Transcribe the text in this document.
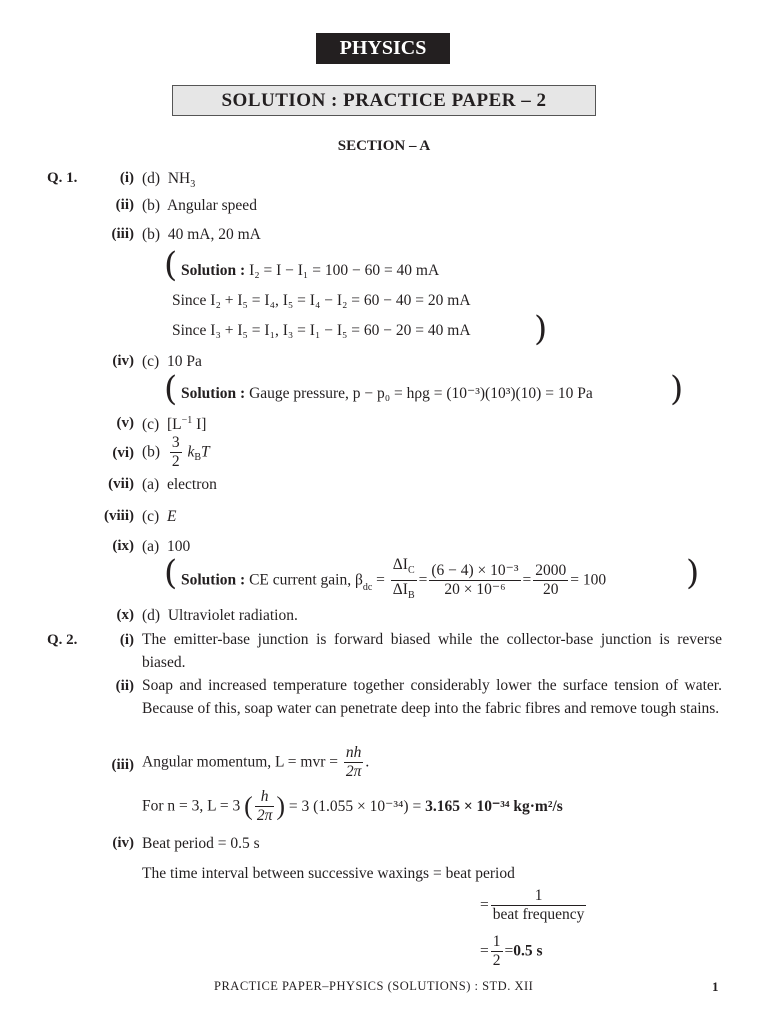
PHYSICS
SOLUTION : PRACTICE PAPER – 2
SECTION – A
Q. 1.	(i) (d) $NH_3$
(ii) (b) Angular speed
(iii) (b) 40 mA, 20 mA
( Solution : I₂ = I − I₁ = 100 − 60 = 40 mA
Since I₂ + I₅ = I₄, I₅ = I₄ − I₂ = 60 − 40 = 20 mA
Since I₃ + I₅ = I₁, I₃ = I₁ − I₅ = 60 − 20 = 40 mA )
(iv) (c) 10 Pa
( Solution : Gauge pressure, p − p₀ = hρg = (10⁻³)(10³)(10) = 10 Pa )
(v) (c) [$L^{-1}$ I]
(vi) $(b) \frac{3}{2} k_BT$
(vii) (a) electron
(viii) (c) E
(ix) (a) 100
( Solution : CE current gain, $\beta_{dc} = \frac{\Delta I_C}{\Delta I_B} = \frac{\text{(6 − 4) × 10⁻³}}{\text{20 × 10⁻⁶}} = \frac{2000}{20} = 100$ )
(x) (d) Ultraviolet radiation.
Q. 2.	(i) The emitter-base junction is forward biased while the collector-base junction is reverse biased.
(ii) Soap and increased temperature together considerably lower the surface tension of water. Because of this, soap water can penetrate deep into the fabric fibres and remove tough stains.
(iii) Angular momentum, L = mvr = $\frac{nh}{2\pi}$ .
For n = 3, L = 3 ( $\frac{h}{2\pi}$ ) = 3 (1.055 × 10⁻³⁴) = 3.165 × 10⁻³⁴ kg·m²/s
(iv) Beat period = 0.5 s
The time interval between successive waxings = beat period
= $\frac{1}{\text{beat frequency}}$
= $\frac{1}{2} =0.5$ s
PRACTICE PAPER–PHYSICS (SOLUTIONS) : STD. XII	1
